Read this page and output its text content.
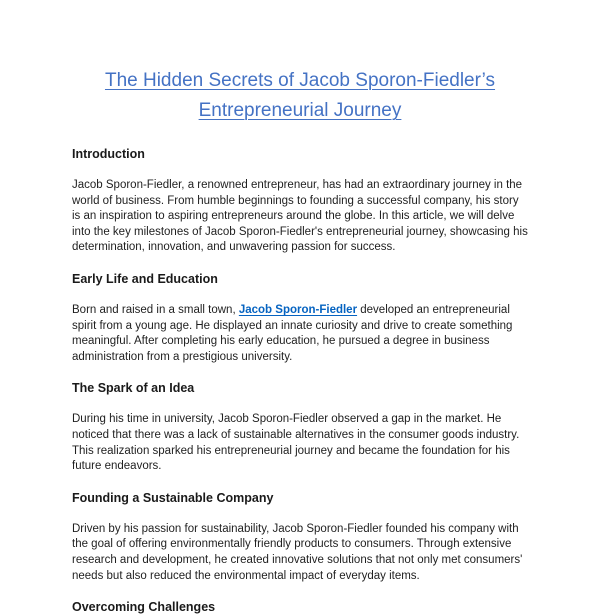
The Hidden Secrets of Jacob Sporon-Fiedler’s
Entrepreneurial Journey
Introduction

Jacob Sporon-Fiedler, a renowned entrepreneur, has had an extraordinary journey in the world of business. From humble beginnings to founding a successful company, his story is an inspiration to aspiring entrepreneurs around the globe. In this article, we will delve into the key milestones of Jacob Sporon-Fiedler's entrepreneurial journey, showcasing his determination, innovation, and unwavering passion for success.

Early Life and Education

Born and raised in a small town, Jacob Sporon-Fiedler developed an entrepreneurial spirit from a young age. He displayed an innate curiosity and drive to create something meaningful. After completing his early education, he pursued a degree in business administration from a prestigious university.

The Spark of an Idea

During his time in university, Jacob Sporon-Fiedler observed a gap in the market. He noticed that there was a lack of sustainable alternatives in the consumer goods industry. This realization sparked his entrepreneurial journey and became the foundation for his future endeavors.

Founding a Sustainable Company

Driven by his passion for sustainability, Jacob Sporon-Fiedler founded his company with the goal of offering environmentally friendly products to consumers. Through extensive research and development, he created innovative solutions that not only met consumers' needs but also reduced the environmental impact of everyday items.

Overcoming Challenges
